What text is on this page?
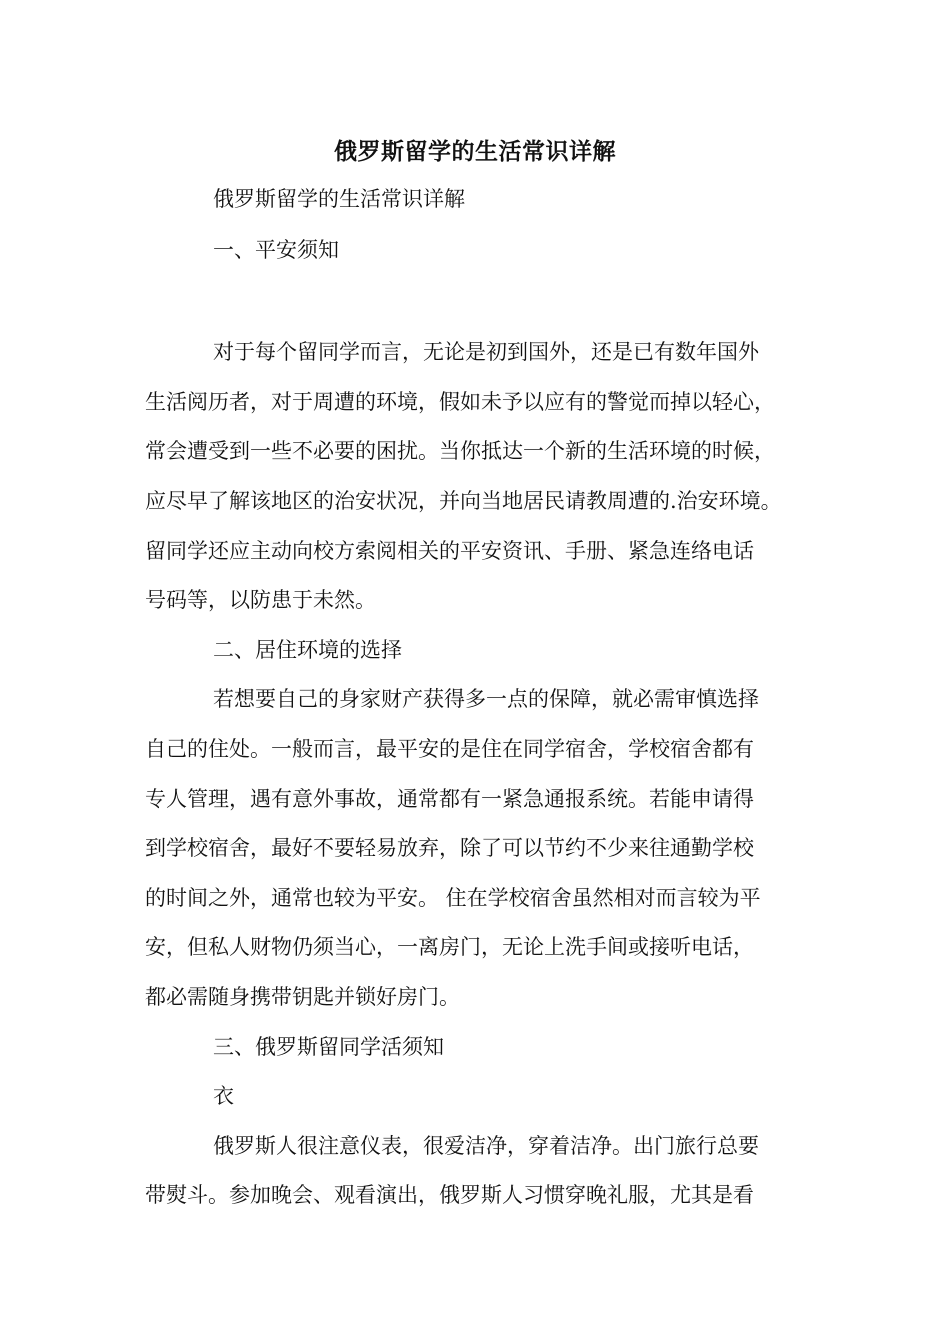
俄罗斯留学的生活常识详解
俄罗斯留学的生活常识详解
一、平安须知
对于每个留同学而言，无论是初到国外，还是已有数年国外
生活阅历者，对于周遭的环境，假如未予以应有的警觉而掉以轻心，
常会遭受到一些不必要的困扰。当你抵达一个新的生活环境的时候，
应尽早了解该地区的治安状况，并向当地居民请教周遭的.治安环境。
留同学还应主动向校方索阅相关的平安资讯、手册、紧急连络电话
号码等，以防患于未然。
二、居住环境的选择
若想要自己的身家财产获得多一点的保障，就必需审慎选择
自己的住处。一般而言，最平安的是住在同学宿舍，学校宿舍都有
专人管理，遇有意外事故，通常都有一紧急通报系统。若能申请得
到学校宿舍，最好不要轻易放弃，除了可以节约不少来往通勤学校
的时间之外，通常也较为平安。 住在学校宿舍虽然相对而言较为平
安，但私人财物仍须当心，一离房门，无论上洗手间或接听电话，
都必需随身携带钥匙并锁好房门。
三、俄罗斯留同学活须知
衣
俄罗斯人很注意仪表，很爱洁净，穿着洁净。出门旅行总要
带熨斗。参加晚会、观看演出，俄罗斯人习惯穿晚礼服，尤其是看
